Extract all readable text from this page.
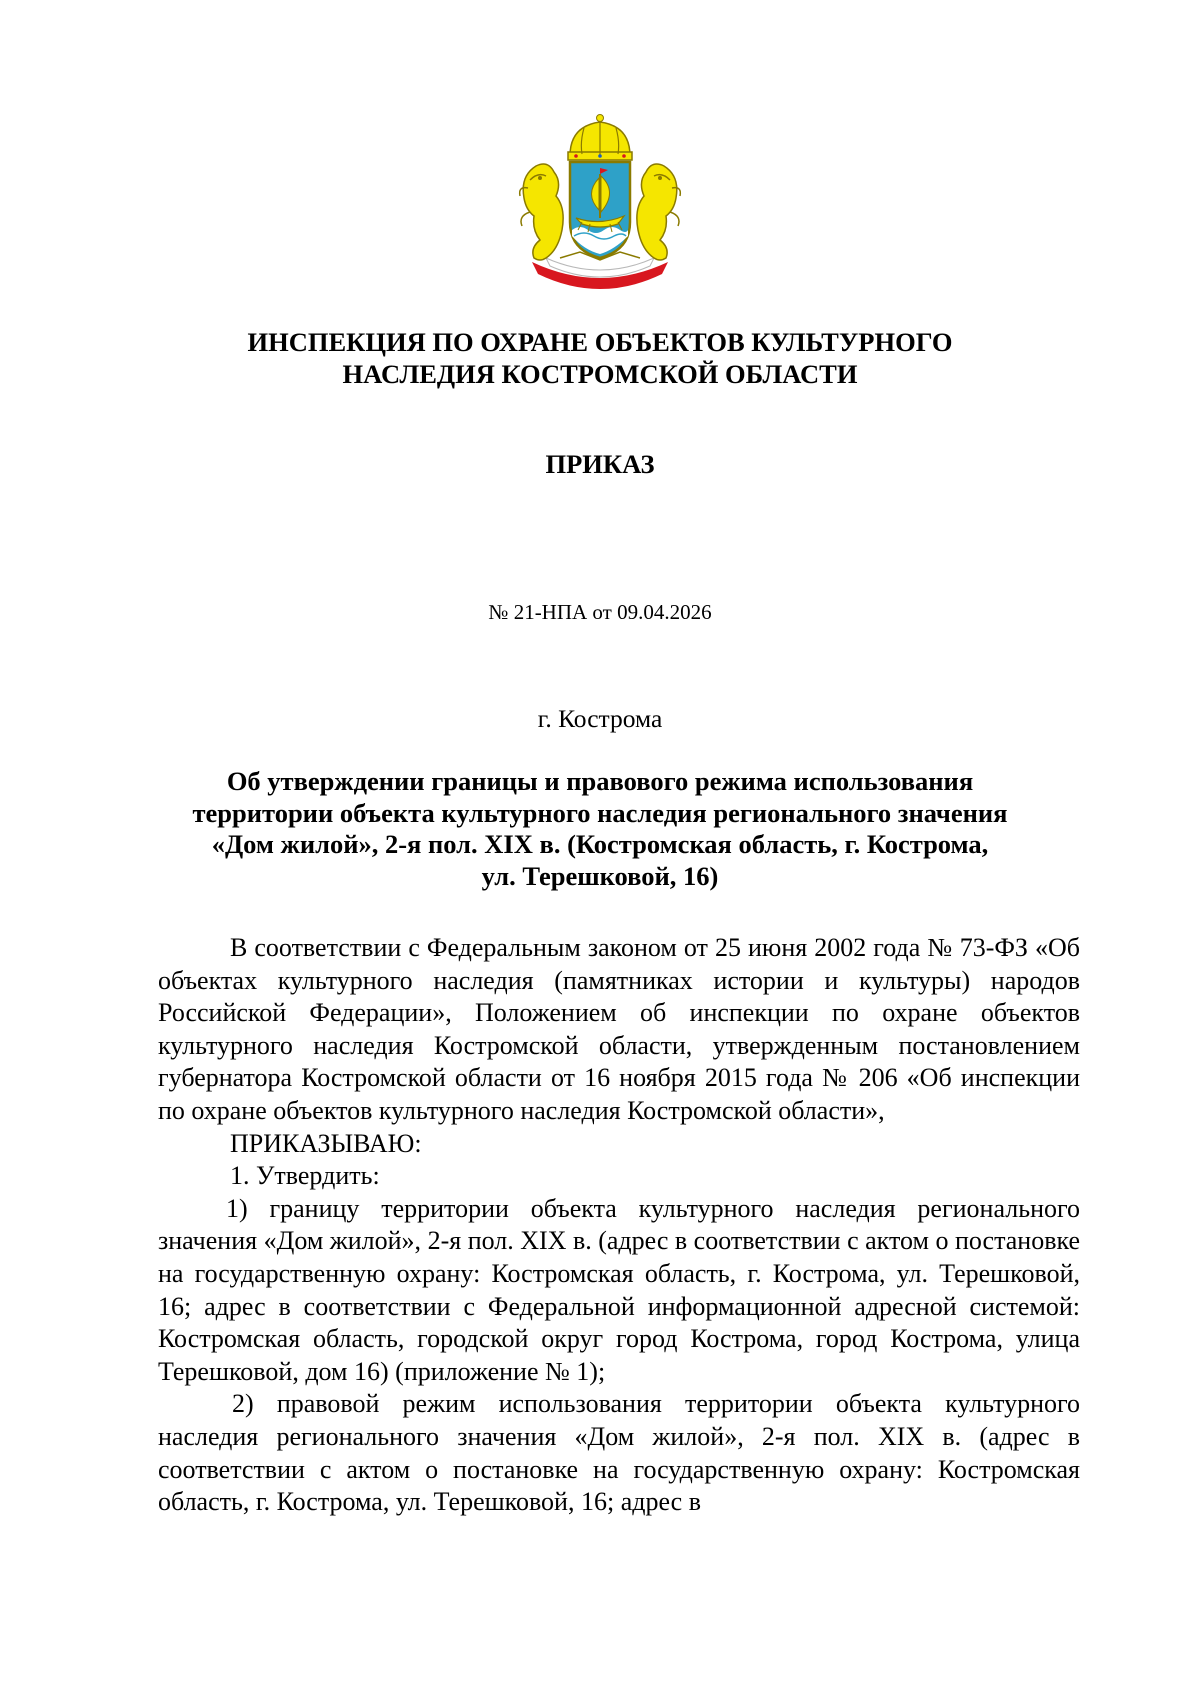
ИНСПЕКЦИЯ ПО ОХРАНЕ ОБЪЕКТОВ КУЛЬТУРНОГО
НАСЛЕДИЯ КОСТРОМСКОЙ ОБЛАСТИ
ПРИКАЗ
№ 21-НПА от 09.04.2026
г. Кострома
Об утверждении границы и правового режима использования
территории объекта культурного наследия регионального значения
«Дом жилой», 2-я пол. XIX в. (Костромская область, г. Кострома,
ул. Терешковой, 16)

В соответствии с Федеральным законом от 25 июня 2002 года № 73-ФЗ «Об объектах культурного наследия (памятниках истории и культуры) народов Российской Федерации», Положением об инспекции по охране объектов культурного наследия Костромской области, утвержденным постановлением губернатора Костромской области от 16 ноября 2015 года № 206 «Об инспекции по охране объектов культурного наследия Костромской области»,

ПРИКАЗЫВАЮ:

1. Утвердить:

1) границу территории объекта культурного наследия регионального значения «Дом жилой», 2-я пол. XIX в. (адрес в соответствии с актом о постановке на государственную охрану: Костромская область, г. Кострома, ул. Терешковой, 16; адрес в соответствии с Федеральной информационной адресной системой: Костромская область, городской округ город Кострома, город Кострома, улица Терешковой, дом 16) (приложение № 1);

2) правовой режим использования территории объекта культурного наследия регионального значения «Дом жилой», 2-я пол. XIX в. (адрес в соответствии с актом о постановке на государственную охрану: Костромская область, г. Кострома, ул. Терешковой, 16; адрес в
